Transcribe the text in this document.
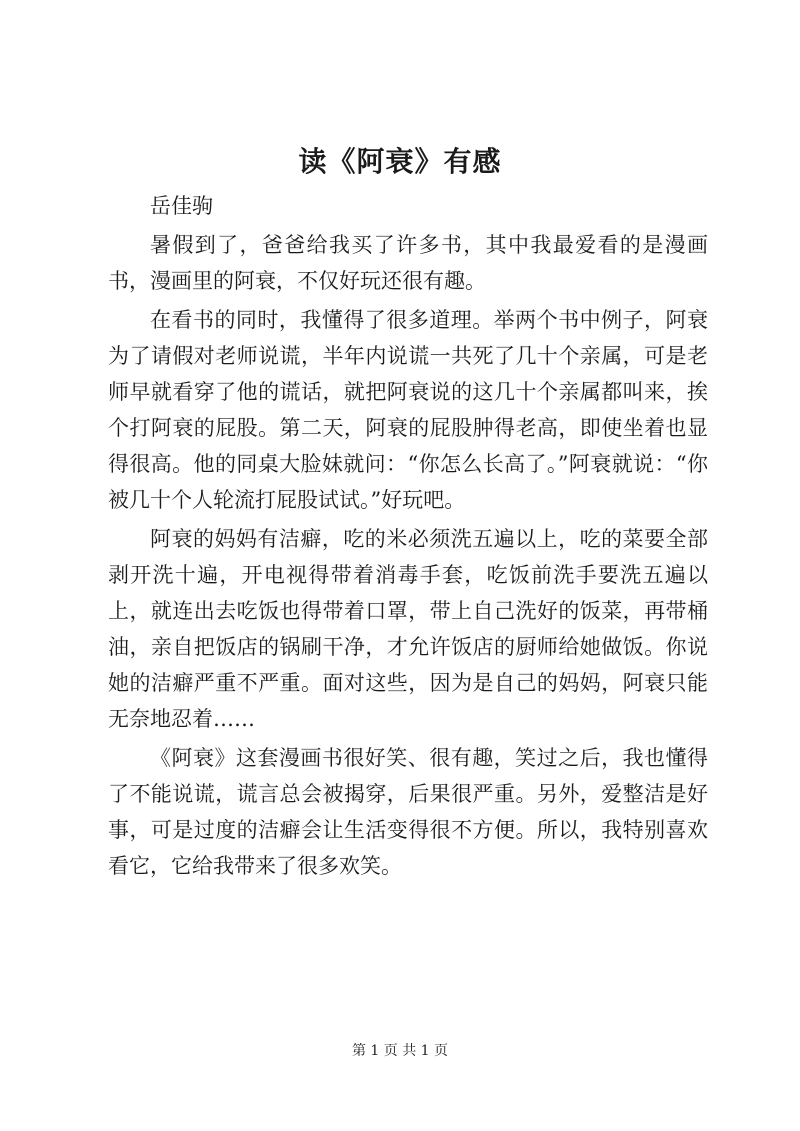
读《阿衰》有感

岳佳驹

暑假到了，爸爸给我买了许多书，其中我最爱看的是漫画书，漫画里的阿衰，不仅好玩还很有趣。

在看书的同时，我懂得了很多道理。举两个书中例子，阿衰为了请假对老师说谎，半年内说谎一共死了几十个亲属，可是老师早就看穿了他的谎话，就把阿衰说的这几十个亲属都叫来，挨个打阿衰的屁股。第二天，阿衰的屁股肿得老高，即使坐着也显得很高。他的同桌大脸妹就问：“你怎么长高了。”阿衰就说：“你被几十个人轮流打屁股试试。”好玩吧。

阿衰的妈妈有洁癖，吃的米必须洗五遍以上，吃的菜要全部剥开洗十遍，开电视得带着消毒手套，吃饭前洗手要洗五遍以上，就连出去吃饭也得带着口罩，带上自己洗好的饭菜，再带桶油，亲自把饭店的锅刷干净，才允许饭店的厨师给她做饭。你说她的洁癖严重不严重。面对这些，因为是自己的妈妈，阿衰只能无奈地忍着……

《阿衰》这套漫画书很好笑、很有趣，笑过之后，我也懂得了不能说谎，谎言总会被揭穿，后果很严重。另外，爱整洁是好事，可是过度的洁癖会让生活变得很不方便。所以，我特别喜欢看它，它给我带来了很多欢笑。

第 1 页 共 1 页
